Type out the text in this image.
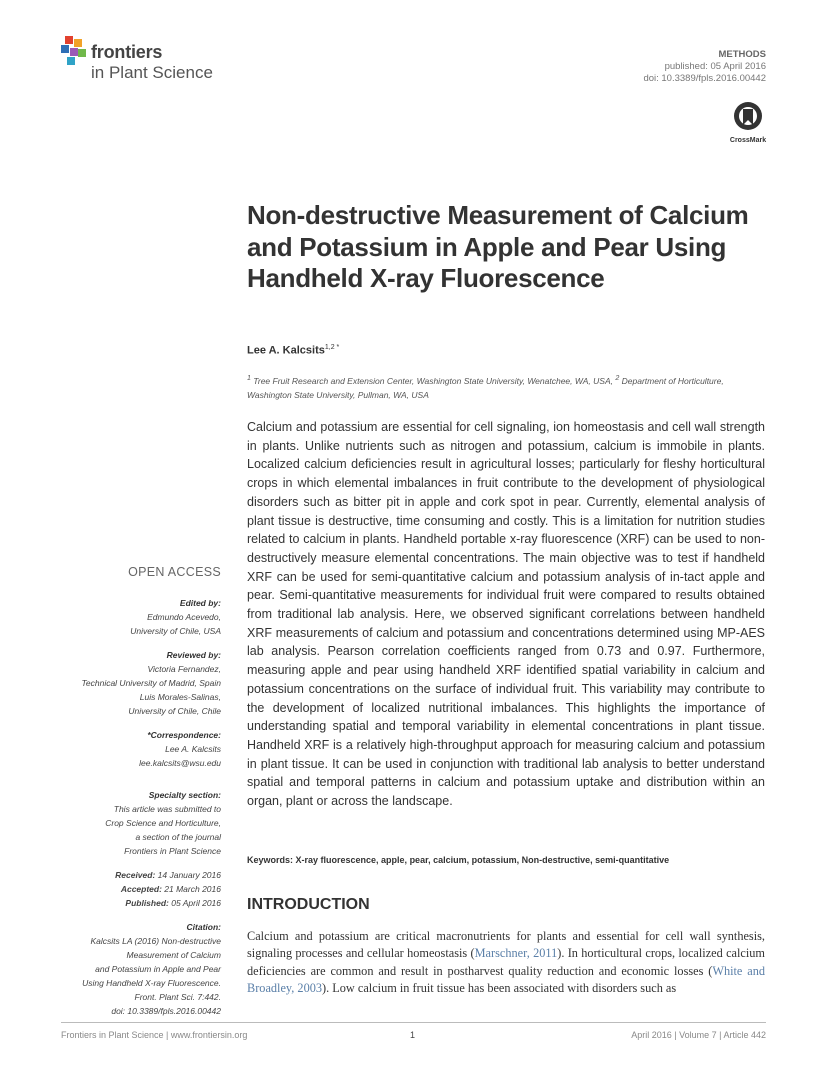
frontiers
in Plant Science
METHODS
published: 05 April 2016
doi: 10.3389/fpls.2016.00442
CrossMark
Non-destructive Measurement of Calcium and Potassium in Apple and Pear Using Handheld X-ray Fluorescence
Lee A. Kalcsits$^{1,2 *}$
$^1$ Tree Fruit Research and Extension Center, Washington State University, Wenatchee, WA, USA, $^2$ Department of Horticulture, Washington State University, Pullman, WA, USA
Calcium and potassium are essential for cell signaling, ion homeostasis and cell wall strength in plants. Unlike nutrients such as nitrogen and potassium, calcium is immobile in plants. Localized calcium deficiencies result in agricultural losses; particularly for fleshy horticultural crops in which elemental imbalances in fruit contribute to the development of physiological disorders such as bitter pit in apple and cork spot in pear. Currently, elemental analysis of plant tissue is destructive, time consuming and costly. This is a limitation for nutrition studies related to calcium in plants. Handheld portable x-ray fluorescence (XRF) can be used to non-destructively measure elemental concentrations. The main objective was to test if handheld XRF can be used for semi-quantitative calcium and potassium analysis of in-tact apple and pear. Semi-quantitative measurements for individual fruit were compared to results obtained from traditional lab analysis. Here, we observed significant correlations between handheld XRF measurements of calcium and potassium and concentrations determined using MP-AES lab analysis. Pearson correlation coefficients ranged from 0.73 and 0.97. Furthermore, measuring apple and pear using handheld XRF identified spatial variability in calcium and potassium concentrations on the surface of individual fruit. This variability may contribute to the development of localized nutritional imbalances. This highlights the importance of understanding spatial and temporal variability in elemental concentrations in plant tissue. Handheld XRF is a relatively high-throughput approach for measuring calcium and potassium in plant tissue. It can be used in conjunction with traditional lab analysis to better understand spatial and temporal patterns in calcium and potassium uptake and distribution within an organ, plant or across the landscape.
Keywords: X-ray fluorescence, apple, pear, calcium, potassium, Non-destructive, semi-quantitative
OPEN ACCESS
Edited by:
Edmundo Acevedo,
University of Chile, USA
Reviewed by:
Victoria Fernandez,
Technical University of Madrid, Spain
Luis Morales-Salinas,
University of Chile, Chile
*Correspondence:
Lee A. Kalcsits
lee.kalcsits@wsu.edu
Specialty section:
This article was submitted to
Crop Science and Horticulture,
a section of the journal
Frontiers in Plant Science
Received: 14 January 2016
Accepted: 21 March 2016
Published: 05 April 2016
Citation:
Kalcsits LA (2016) Non-destructive
Measurement of Calcium
and Potassium in Apple and Pear
Using Handheld X-ray Fluorescence.
Front. Plant Sci. 7:442.
doi: 10.3389/fpls.2016.00442
INTRODUCTION
Calcium and potassium are critical macronutrients for plants and essential for cell wall synthesis, signaling processes and cellular homeostasis (Marschner, 2011). In horticultural crops, localized calcium deficiencies are common and result in postharvest quality reduction and economic losses (White and Broadley, 2003). Low calcium in fruit tissue has been associated with disorders such as
Frontiers in Plant Science | www.frontiersin.org	1	April 2016 | Volume 7 | Article 442
